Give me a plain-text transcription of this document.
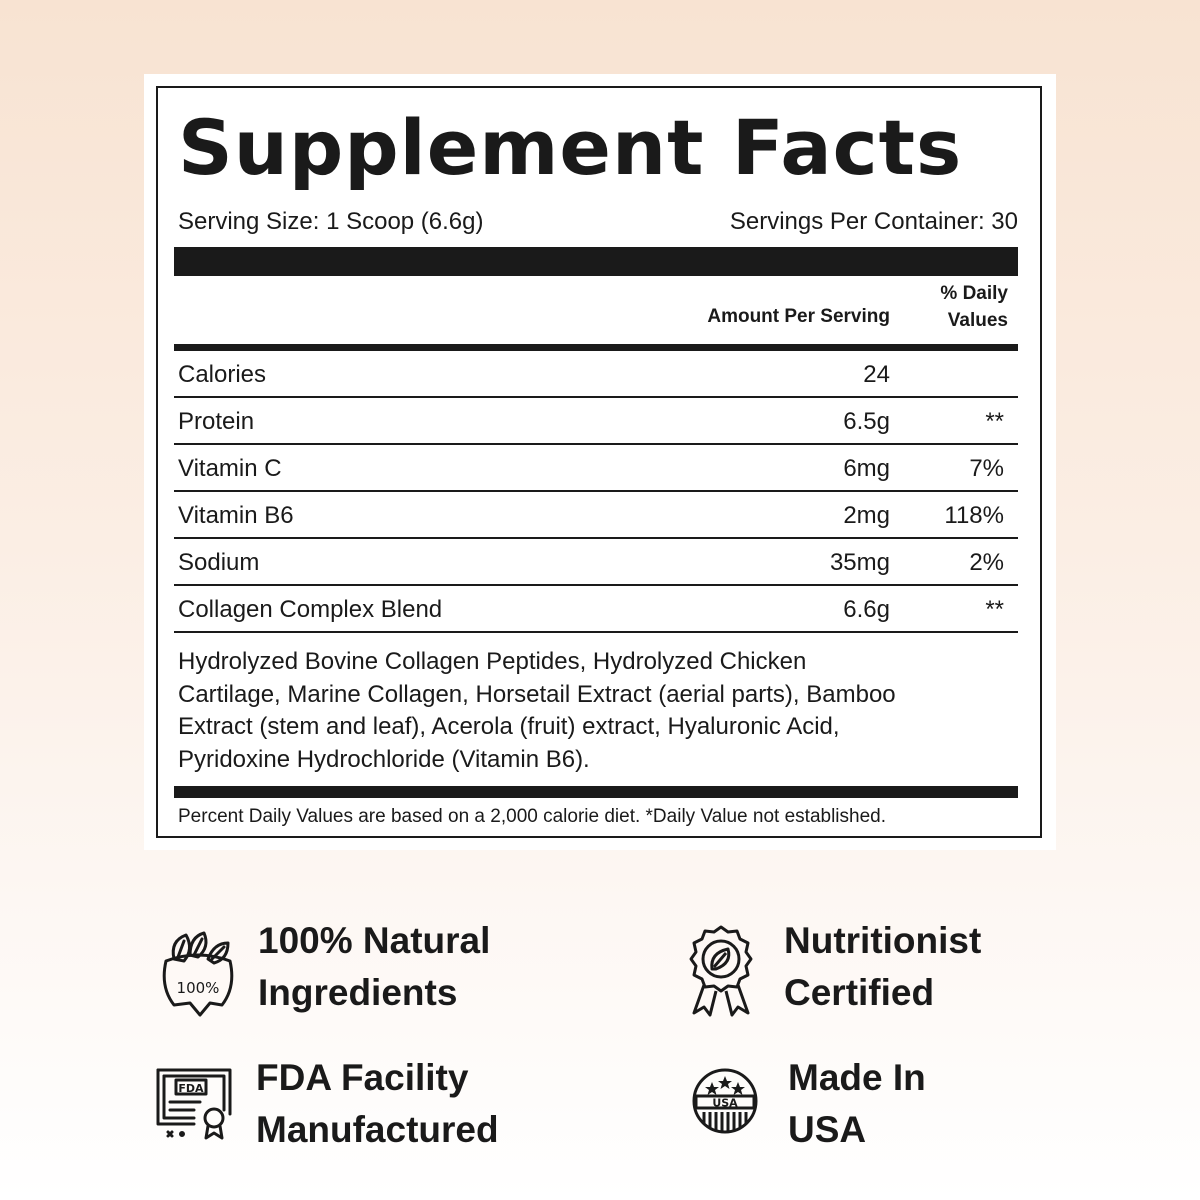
Supplement Facts
Serving Size: 1 Scoop (6.6g)	Servings Per Container: 30
Amount Per Serving
% Daily
Values
Calories	24
Protein	6.5g	**
Vitamin C	6mg	7%
Vitamin B6	2mg 118%
Sodium	35mg	2%
Collagen Complex Blend	6.6g	**
Hydrolyzed Bovine Collagen Peptides, Hydrolyzed Chicken
Cartilage, Marine Collagen, Horsetail Extract (aerial parts), Bamboo
Extract (stem and leaf), Acerola (fruit) extract, Hyaluronic Acid,
Pyridoxine Hydrochloride (Vitamin B6).
Percent Daily Values are based on a 2,000 calorie diet. *Daily Value not established.
100%
100% Natural
Ingredients
Nutritionist
Certified
FDA FDA Facility
Manufactured
USA
Made In
USA
